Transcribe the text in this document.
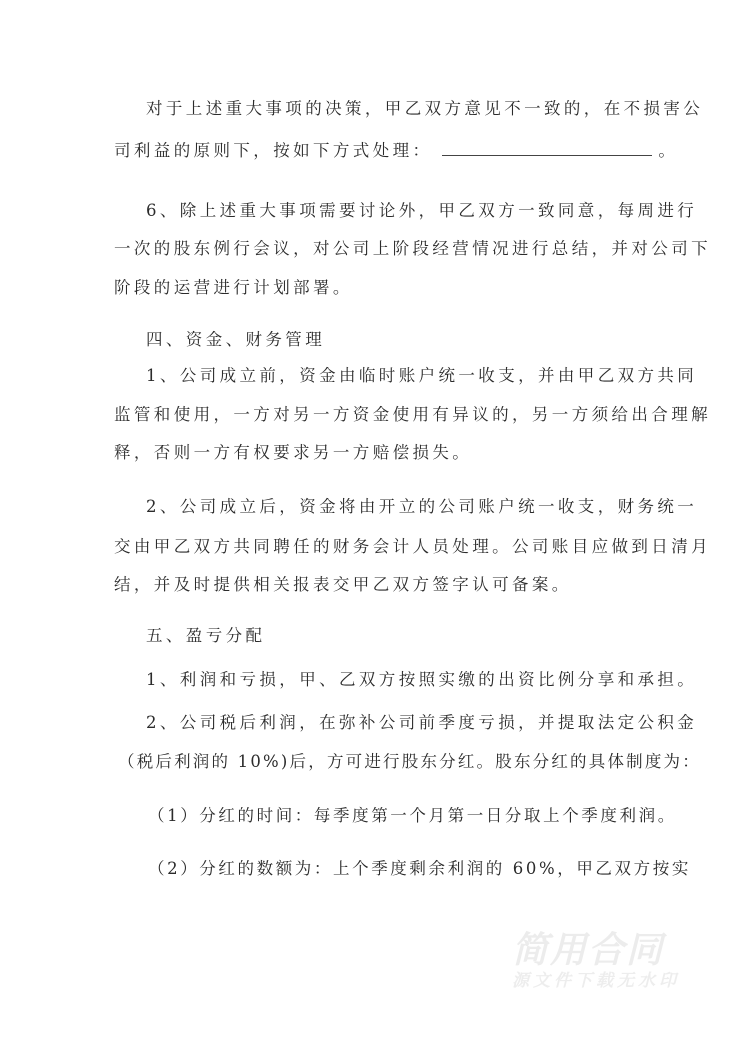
对于上述重大事项的决策，甲乙双方意见不一致的，在不损害公
司利益的原则下，按如下方式处理：	。
6、除上述重大事项需要讨论外，甲乙双方一致同意，每周进行
一次的股东例行会议，对公司上阶段经营情况进行总结，并对公司下
阶段的运营进行计划部署。
四、资金、财务管理
1、公司成立前，资金由临时账户统一收支，并由甲乙双方共同
监管和使用，一方对另一方资金使用有异议的，另一方须给出合理解
释，否则一方有权要求另一方赔偿损失。
2、公司成立后，资金将由开立的公司账户统一收支，财务统一
交由甲乙双方共同聘任的财务会计人员处理。公司账目应做到日清月
结，并及时提供相关报表交甲乙双方签字认可备案。
五、盈亏分配
1、利润和亏损，甲、乙双方按照实缴的出资比例分享和承担。
2、公司税后利润，在弥补公司前季度亏损，并提取法定公积金
（税后利润的 10%)后，方可进行股东分红。股东分红的具体制度为：
（1）分红的时间：每季度第一个月第一日分取上个季度利润。
（2）分红的数额为：上个季度剩余利润的 60%，甲乙双方按实
简用合同
源文件下载无水印
